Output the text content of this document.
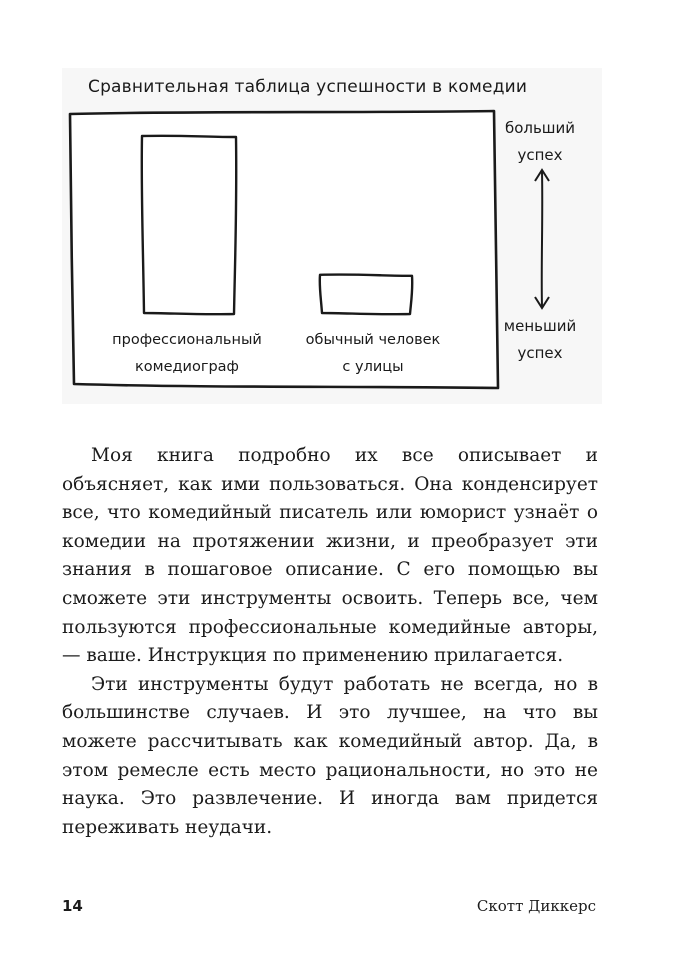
Сравнительная таблица успешности в комедии
профессиональный
комедиограф
обычный человек
с улицы
больший
успех
меньший
успех

Моя книга подробно их все описывает и объясняет, как ими пользоваться. Она конденсирует все, что комедийный писатель или юморист узнаёт о комедии на протяжении жизни, и преобразует эти знания в пошаговое описание. С его помощью вы сможете эти инструменты освоить. Теперь все, чем пользуются профессиональные комедийные авторы, — ваше. Инструкция по применению прилагается.

Эти инструменты будут работать не всегда, но в большинстве случаев. И это лучшее, на что вы можете рассчитывать как комедийный автор. Да, в этом ремесле есть место рациональности, но это не наука. Это развлечение. И иногда вам придется переживать неудачи.

14	Скотт Диккерс
